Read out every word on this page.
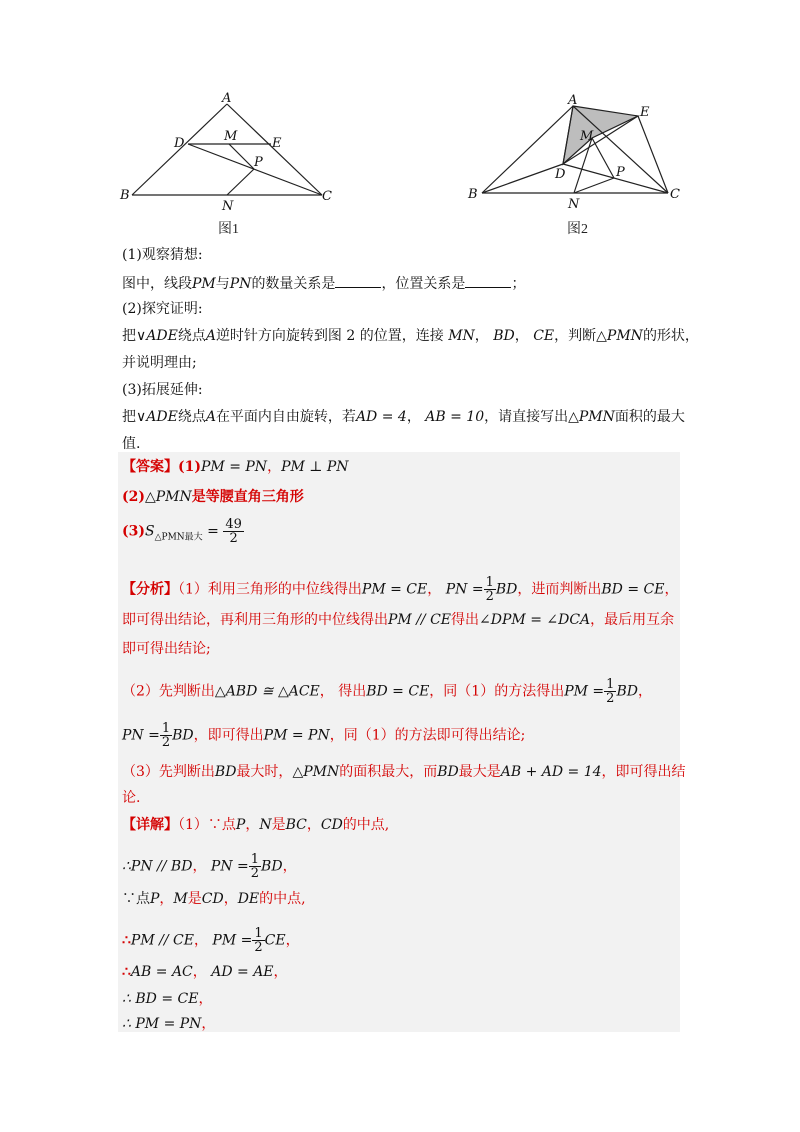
A
D	M	E
P
B
N
C
图1
A
E
M
D	P
B
N
C
图2
(1)观察猜想:
图中，线段PM与PN的数量关系是	，位置关系是	；
(2)探究证明:
把∨ADE绕点A逆时针方向旋转到图 2 的位置，连接 MN， BD， CE，判断△PMN的形状，
并说明理由;
(3)拓展延伸:
把∨ADE绕点A在平面内自由旋转，若AD = 4， AB = 10，请直接写出△PMN面积的最大
值.
【答案】(1)PM = PN，PM ⊥ PN
(2)△PMN是等腰直角三角形
$(3)S_{\triangle PMN最大} = \frac{49}{2}$
【分析】（1）利用三角形的中位线得出PM = CE， PN = $\frac{1}{2}$ BD，进而判断出BD = CE，
即可得出结论，再利用三角形的中位线得出PM // CE得出∠DPM = ∠DCA，最后用互余
即可得出结论;
（2）先判断出△ABD ≅ △ACE， 得出BD = CE，同（1）的方法得出PM = $\frac{1}{2}$ BD，
PN = $\frac{1}{2}$ BD，即可得出PM = PN，同（1）的方法即可得出结论;
（3）先判断出BD最大时，△PMN的面积最大，而BD最大是AB + AD = 14，即可得出结
论.
【详解】（1）∵点P，N是BC，CD的中点,
∴PN // BD， PN = $\frac{1}{2}$ BD，
∵点P，M是CD，DE的中点,
∴PM // CE， PM = $\frac{1}{2}$ CE，
∴AB = AC， AD = AE，
∴ BD = CE，
∴ PM = PN，
